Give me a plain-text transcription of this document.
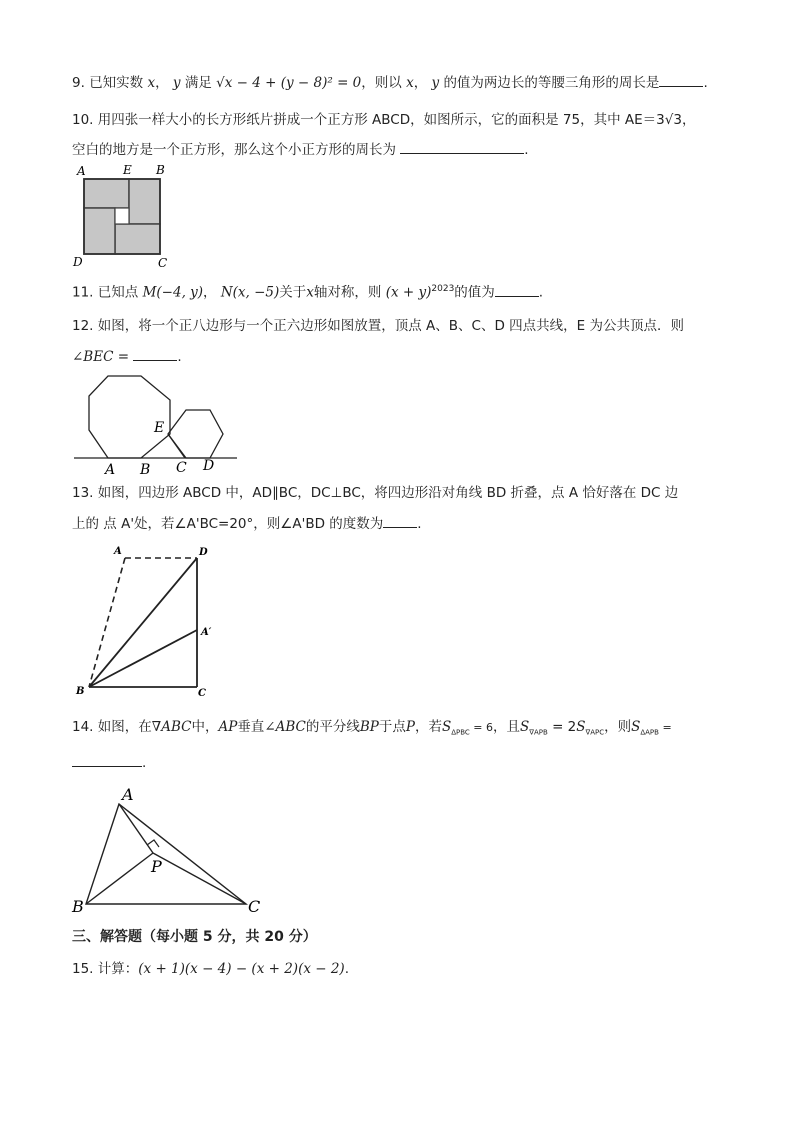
9. 已知实数 x， y 满足 √x − 4 + (y − 8)² = 0，则以 x， y 的值为两边长的等腰三角形的周长是	.
10. 用四张一样大小的长方形纸片拼成一个正方形 ABCD，如图所示，它的面积是 75，其中 AE＝3√3，
空白的地方是一个正方形，那么这个小正方形的周长为	.
A	E B
D	C
11. 已知点 M(−4, y)， N(x, −5)关于x轴对称，则 $(x + y)^{2023}$的值为	.
12. 如图，将一个正八边形与一个正六边形如图放置，顶点 A、B、C、D 四点共线，E 为公共顶点．则
∠BEC =	.
E
A B C D
13. 如图，四边形 ABCD 中，AD∥BC，DC⊥BC，将四边形沿对角线 BD 折叠，点 A 恰好落在 DC 边
上的 点 A'处，若∠A'BC=20°，则∠A'BD 的度数为	.
A	D
A′
B	C
14. 如图，在∇ABC中，AP垂直∠ABC的平分线BP于点P，若$S_{\Delta PBC} = 6$，且$S_{\nabla APB} = 2S_{\nabla APC}$，则$S_{\Delta APB}$ =
.
A
P
B	C
三、解答题（每小题 5 分，共 20 分）
15. 计算：(x + 1)(x − 4) − (x + 2)(x − 2).
